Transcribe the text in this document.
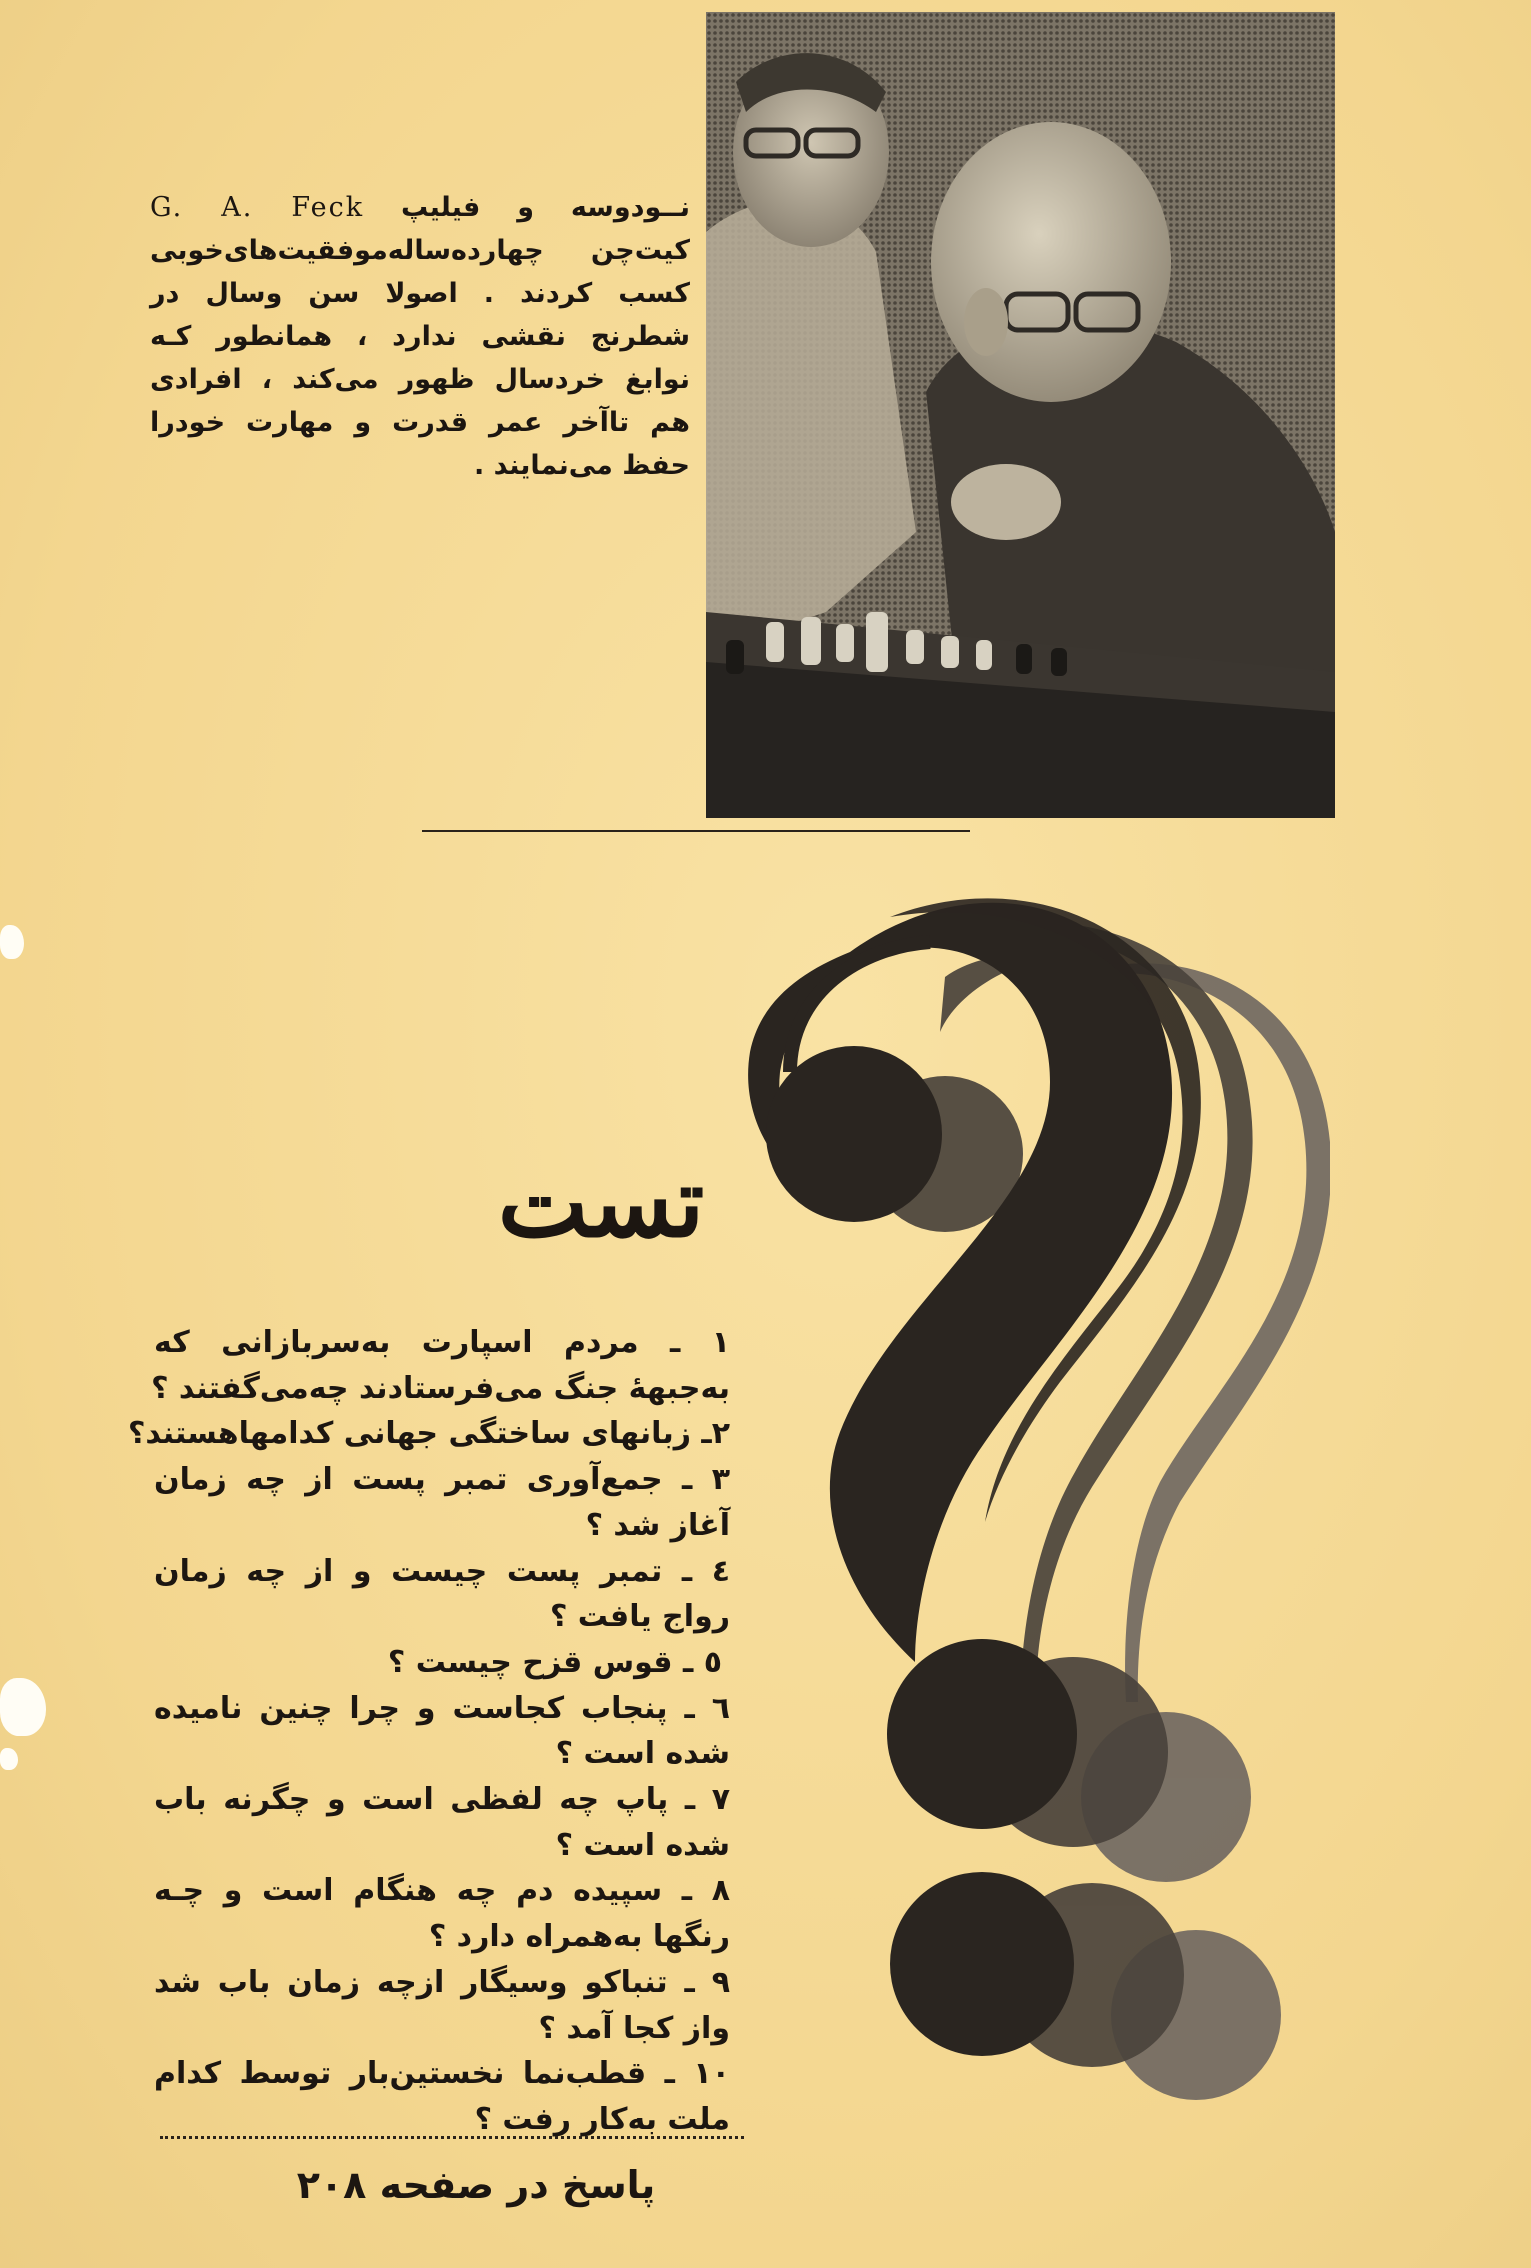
نــودوسه و فیلیپ G. A. Feck
کیت‌چن چهارده‌ساله‌موفقیت‌های‌خوبی
کسب کردند . اصولا سن وسال در
شطرنج نقشی ندارد ، همانطور کـه
نوابغ خردسال ظهور می‌کند ، افرادی
هم تاآخر عمر قدرت و مهارت خودرا
حفظ می‌نمایند .
تست
۱ ـ مردم اسپارت به‌سربازانی که
به‌جبههٔ جنگ می‌فرستادند چه‌می‌گفتند ؟
۲ـ زبانهای ساختگی جهانی کدامهاهستند؟
۳ ـ جمع‌آوری تمبر پست از چه زمان
آغاز شد ؟
٤ ـ تمبر پست چیست و از چه زمان
رواج یافت ؟
٥ ـ قوس قزح چیست ؟
٦ ـ پنجاب کجاست و چرا چنین نامیده
شده است ؟
۷ ـ پاپ چه لفظی است و چگرنه باب
شده است ؟
۸ ـ سپیده دم چه هنگام است و چـه
رنگها به‌همراه دارد ؟
۹ ـ تنباکو وسیگار ازچه زمان باب شد
واز کجا آمد ؟
۱۰ ـ قطب‌نما نخستین‌بار توسط کدام
ملت به‌کار رفت ؟
پاسخ در صفحه ۲۰۸
